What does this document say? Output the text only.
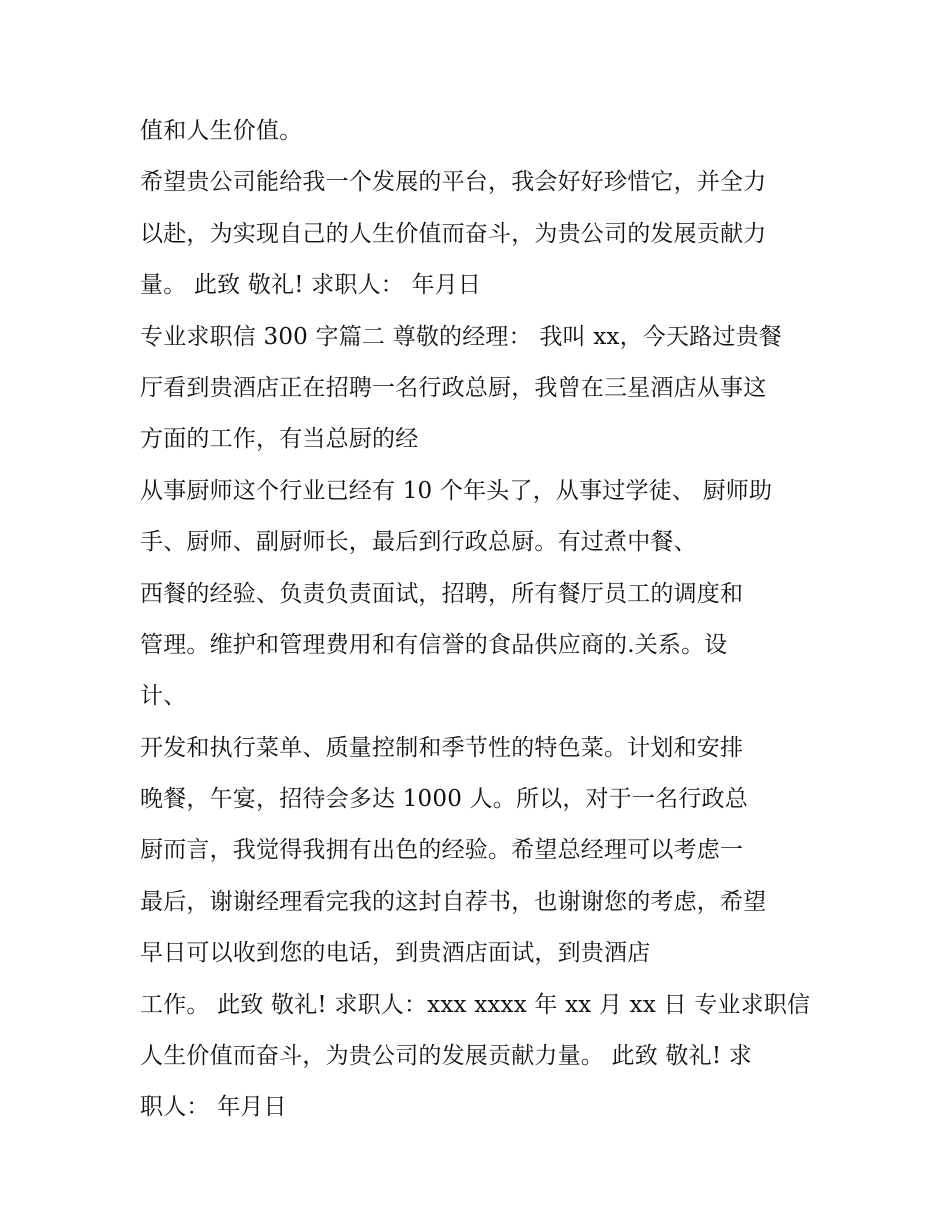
值和人生价值。
希望贵公司能给我一个发展的平台，我会好好珍惜它，并全力
以赴，为实现自己的人生价值而奋斗，为贵公司的发展贡献力
量。 此致 敬礼! 求职人： 年月日
专业求职信 300 字篇二 尊敬的经理： 我叫 xx，今天路过贵餐
厅看到贵酒店正在招聘一名行政总厨，我曾在三星酒店从事这
方面的工作，有当总厨的经
从事厨师这个行业已经有 10 个年头了，从事过学徒、 厨师助
手、厨师、副厨师长，最后到行政总厨。有过煮中餐、
西餐的经验、负责负责面试，招聘，所有餐厅员工的调度和
管理。维护和管理费用和有信誉的食品供应商的.关系。设
计、
开发和执行菜单、质量控制和季节性的特色菜。计划和安排
晚餐，午宴，招待会多达 1000 人。所以，对于一名行政总
厨而言，我觉得我拥有出色的经验。希望总经理可以考虑一
最后，谢谢经理看完我的这封自荐书，也谢谢您的考虑，希望
早日可以收到您的电话，到贵酒店面试，到贵酒店
工作。 此致 敬礼! 求职人：xxx xxxx 年 xx 月 xx 日 专业求职信
人生价值而奋斗，为贵公司的发展贡献力量。 此致 敬礼! 求
职人： 年月日
